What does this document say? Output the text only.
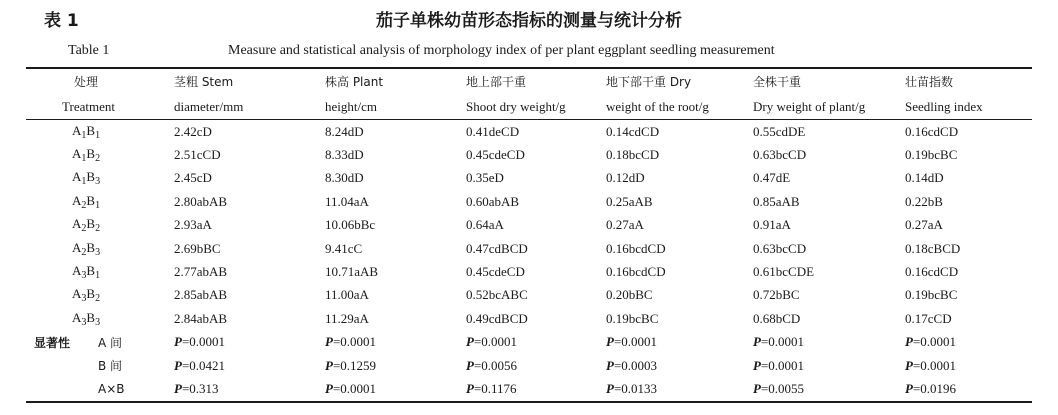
表 1	茄子单株幼苗形态指标的测量与统计分析
Table 1	Measure and statistical analysis of morphology index of per plant eggplant seedling measurement
处理	茎粗 Stem	株高 Plant	地上部干重	地下部干重 Dry	全株干重	壮苗指数
Treatment	diameter/mm	height/cm	Shoot dry weight/g	weight of the root/g	Dry weight of plant/g	Seedling index
$A_1B_1$	2.42cD	8.24dD	0.41deCD	0.14cdCD	0.55cdDE	0.16cdCD
$A_1B_2$	2.51cCD	8.33dD	0.45cdeCD	0.18bcCD	0.63bcCD	0.19bcBC
$A_1B_3$	2.45cD	8.30dD	0.35eD	0.12dD	0.47dE	0.14dD
$A_2B_1$	2.80abAB	11.04aA	0.60abAB	0.25aAB	0.85aAB	0.22bB
$A_2B_2$	2.93aA	10.06bBc	0.64aA	0.27aA	0.91aA	0.27aA
$A_2B_3$	2.69bBC	9.41cC	0.47cdBCD	0.16bcdCD	0.63bcCD	0.18cBCD
$A_3B_1$	2.77abAB	10.71aAB	0.45cdeCD	0.16bcdCD	0.61bcCDE	0.16cdCD
$A_3B_2$	2.85abAB	11.00aA	0.52bcABC	0.20bBC	0.72bBC	0.19bcBC
$A_3B_3$	2.84abAB	11.29aA	0.49cdBCD	0.19bcBC	0.68bCD	0.17cCD
显著性 A 间	P=0.0001	P=0.0001	P=0.0001	P=0.0001	P=0.0001	P=0.0001
B 间	P=0.0421	P=0.1259	P=0.0056	P=0.0003	P=0.0001	P=0.0001
A×B	P=0.313	P=0.0001	P=0.1176	P=0.0133	P=0.0055	P=0.0196
